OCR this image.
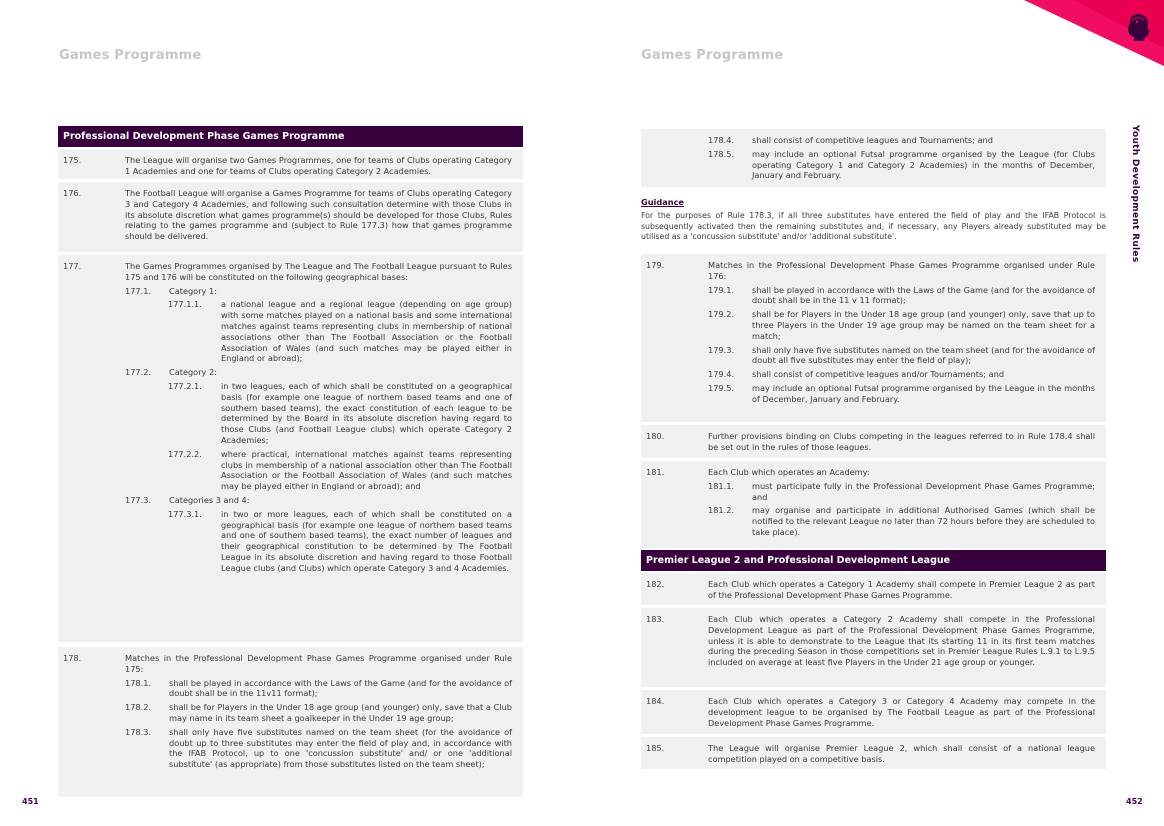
Games Programme
Professional Development Phase Games Programme
175.	The League will organise two Games Programmes, one for teams of Clubs operating Category 1 Academies and one for teams of Clubs operating Category 2 Academies.
176.	The Football League will organise a Games Programme for teams of Clubs operating Category 3 and Category 4 Academies, and following such consultation determine with those Clubs in its absolute discretion what games programme(s) should be developed for those Clubs, Rules relating to the games programme and (subject to Rule 177.3) how that games programme should be delivered.
177.	The Games Programmes organised by The League and The Football League pursuant to Rules 175 and 176 will be constituted on the following geographical bases:
177.1.	Category 1:
177.1.1.	a national league and a regional league (depending on age group) with some matches played on a national basis and some international matches against teams representing clubs in membership of national associations other than The Football Association or the Football Association of Wales (and such matches may be played either in England or abroad);
177.2.	Category 2:
177.2.1.	in two leagues, each of which shall be constituted on a geographical basis (for example one league of northern based teams and one of southern based teams), the exact constitution of each league to be determined by the Board in its absolute discretion having regard to those Clubs (and Football League clubs) which operate Category 2 Academies;
177.2.2.	where practical, international matches against teams representing clubs in membership of a national association other than The Football Association or the Football Association of Wales (and such matches may be played either in England or abroad); and
177.3.	Categories 3 and 4:
177.3.1.	in two or more leagues, each of which shall be constituted on a geographical basis (for example one league of northern based teams and one of southern based teams), the exact number of leagues and their geographical constitution to be determined by The Football League in its absolute discretion and having regard to those Football League clubs (and Clubs) which operate Category 3 and 4 Academies.
178.	Matches in the Professional Development Phase Games Programme organised under Rule 175:
178.1.	shall be played in accordance with the Laws of the Game (and for the avoidance of doubt shall be in the 11v11 format);
178.2.	shall be for Players in the Under 18 age group (and younger) only, save that a Club may name in its team sheet a goalkeeper in the Under 19 age group;
178.3.	shall only have five substitutes named on the team sheet (for the avoidance of doubt up to three substitutes may enter the field of play and, in accordance with the IFAB Protocol, up to one 'concussion substitute' and/ or one 'additional substitute' (as appropriate) from those substitutes listed on the team sheet);
451
Games Programme
178.4.	shall consist of competitive leagues and Tournaments; and
178.5.	may include an optional Futsal programme organised by the League (for Clubs operating Category 1 and Category 2 Academies) in the months of December, January and February.
452
Guidance
For the purposes of Rule 178.3, if all three substitutes have entered the field of play and the IFAB Protocol is subsequently activated then the remaining substitutes and, if necessary, any Players already substituted may be utilised as a 'concussion substitute' and/or 'additional substitute'.
179.	Matches in the Professional Development Phase Games Programme organised under Rule 176:
179.1.	shall be played in accordance with the Laws of the Game (and for the avoidance of doubt shall be in the 11 v 11 format);
179.2.	shall be for Players in the Under 18 age group (and younger) only, save that up to three Players in the Under 19 age group may be named on the team sheet for a match;
179.3.	shall only have five substitutes named on the team sheet (and for the avoidance of doubt all five substitutes may enter the field of play);
179.4.	shall consist of competitive leagues and/or Tournaments; and
179.5.	may include an optional Futsal programme organised by the League in the months of December, January and February.
180.	Further provisions binding on Clubs competing in the leagues referred to in Rule 178.4 shall be set out in the rules of those leagues.
181.	Each Club which operates an Academy:
181.1.	must participate fully in the Professional Development Phase Games Programme; and
181.2.	may organise and participate in additional Authorised Games (which shall be notified to the relevant League no later than 72 hours before they are scheduled to take place).
Premier League 2 and Professional Development League
182.	Each Club which operates a Category 1 Academy shall compete in Premier League 2 as part of the Professional Development Phase Games Programme.
183.	Each Club which operates a Category 2 Academy shall compete in the Professional Development League as part of the Professional Development Phase Games Programme, unless it is able to demonstrate to the League that its starting 11 in its first team matches during the preceding Season in those competitions set in Premier League Rules L.9.1 to L.9.5 included on average at least five Players in the Under 21 age group or younger.
184.	Each Club which operates a Category 3 or Category 4 Academy may compete in the development league to be organised by The Football League as part of the Professional Development Phase Games Programme.
185.	The League will organise Premier League 2, which shall consist of a national league competition played on a competitive basis.
Youth Development Rules
